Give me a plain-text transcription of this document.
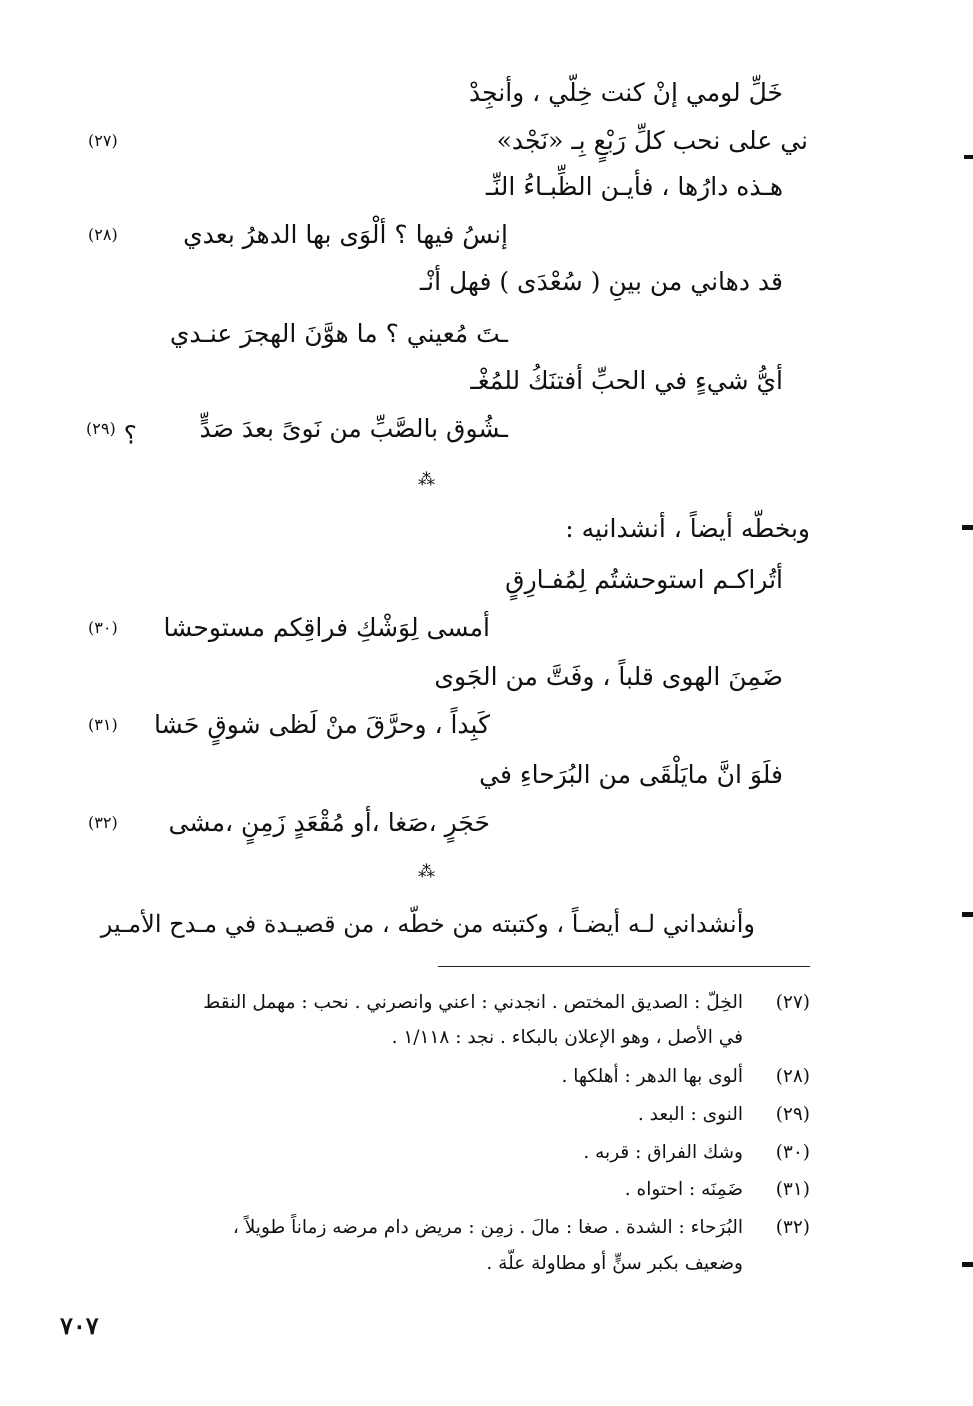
خَلِّ لومي إنْ كنت خِلّي ، وأنجِدْ
ني على نحب كلِّ رَبْعٍ بِـ «نَجْد»
$^{(٢٧)}$
هـذه دارُها ، فأيـن الظِّبـاءُ النِّـ
إنسُ فيها ؟ ألْوَى بها الدهرُ بعدي
$^{(٢٨)}$
قد دهاني من بينِ ( سُعْدَى ) فهل أنْـ
ـتَ مُعيني ؟ ما هوَّنَ الهجرَ عنـدي
أيُّ شيءٍ في الحبِّ أفتنَكُ للمُغْـ
ـشُوق بالصَّبِّ من نَوىً بعدَ صَدٍّ
؟ $^{(٢٩)}$
⁂
وبخطّه أيضاً ، أنشدانيه :
أتُراكـم استوحشتُم لِمُفـارِقٍ
أمسى لِوَشْكِ فراقِكم مستوحشا
$^{(٣٠)}$
ضَمِنَ الهوى قلباً ، وفَتَّ من الجَوى
كَبِداً ، وحرَّقَ منْ لَظى شوقٍ حَشا
$^{(٣١)}$
فلَوَ انَّ مايَلْقَى من البُرَحاءِ في
حَجَرٍ ،صَغا ،أو مُقْعَدٍ زَمِنٍ ،مشى
$^{(٣٢)}$
⁂
وأنشداني لـه أيضـاً ، وكتبته من خطّه ، من قصيـدة في مـدح الأمـير
(٢٧)
الخِلّ : الصديق المختص . انجدني : اعني وانصرني . نحب : مهمل النقط
في الأصل ، وهو الإعلان بالبكاء . نجد : ١/١١٨ .
(٢٨)
ألوى بها الدهر : أهلكها .
(٢٩)
النوى : البعد .
(٣٠)
وشك الفراق : قربه .
(٣١)
ضَمِنَه : احتواه .
(٣٢)
البُرَحاء : الشدة . صغا : مالَ . زمِن : مريض دام مرضه زماناً طويلاً ،
وضعيف بكبر سنٍّ أو مطاولة علّة .
٧٠٧
